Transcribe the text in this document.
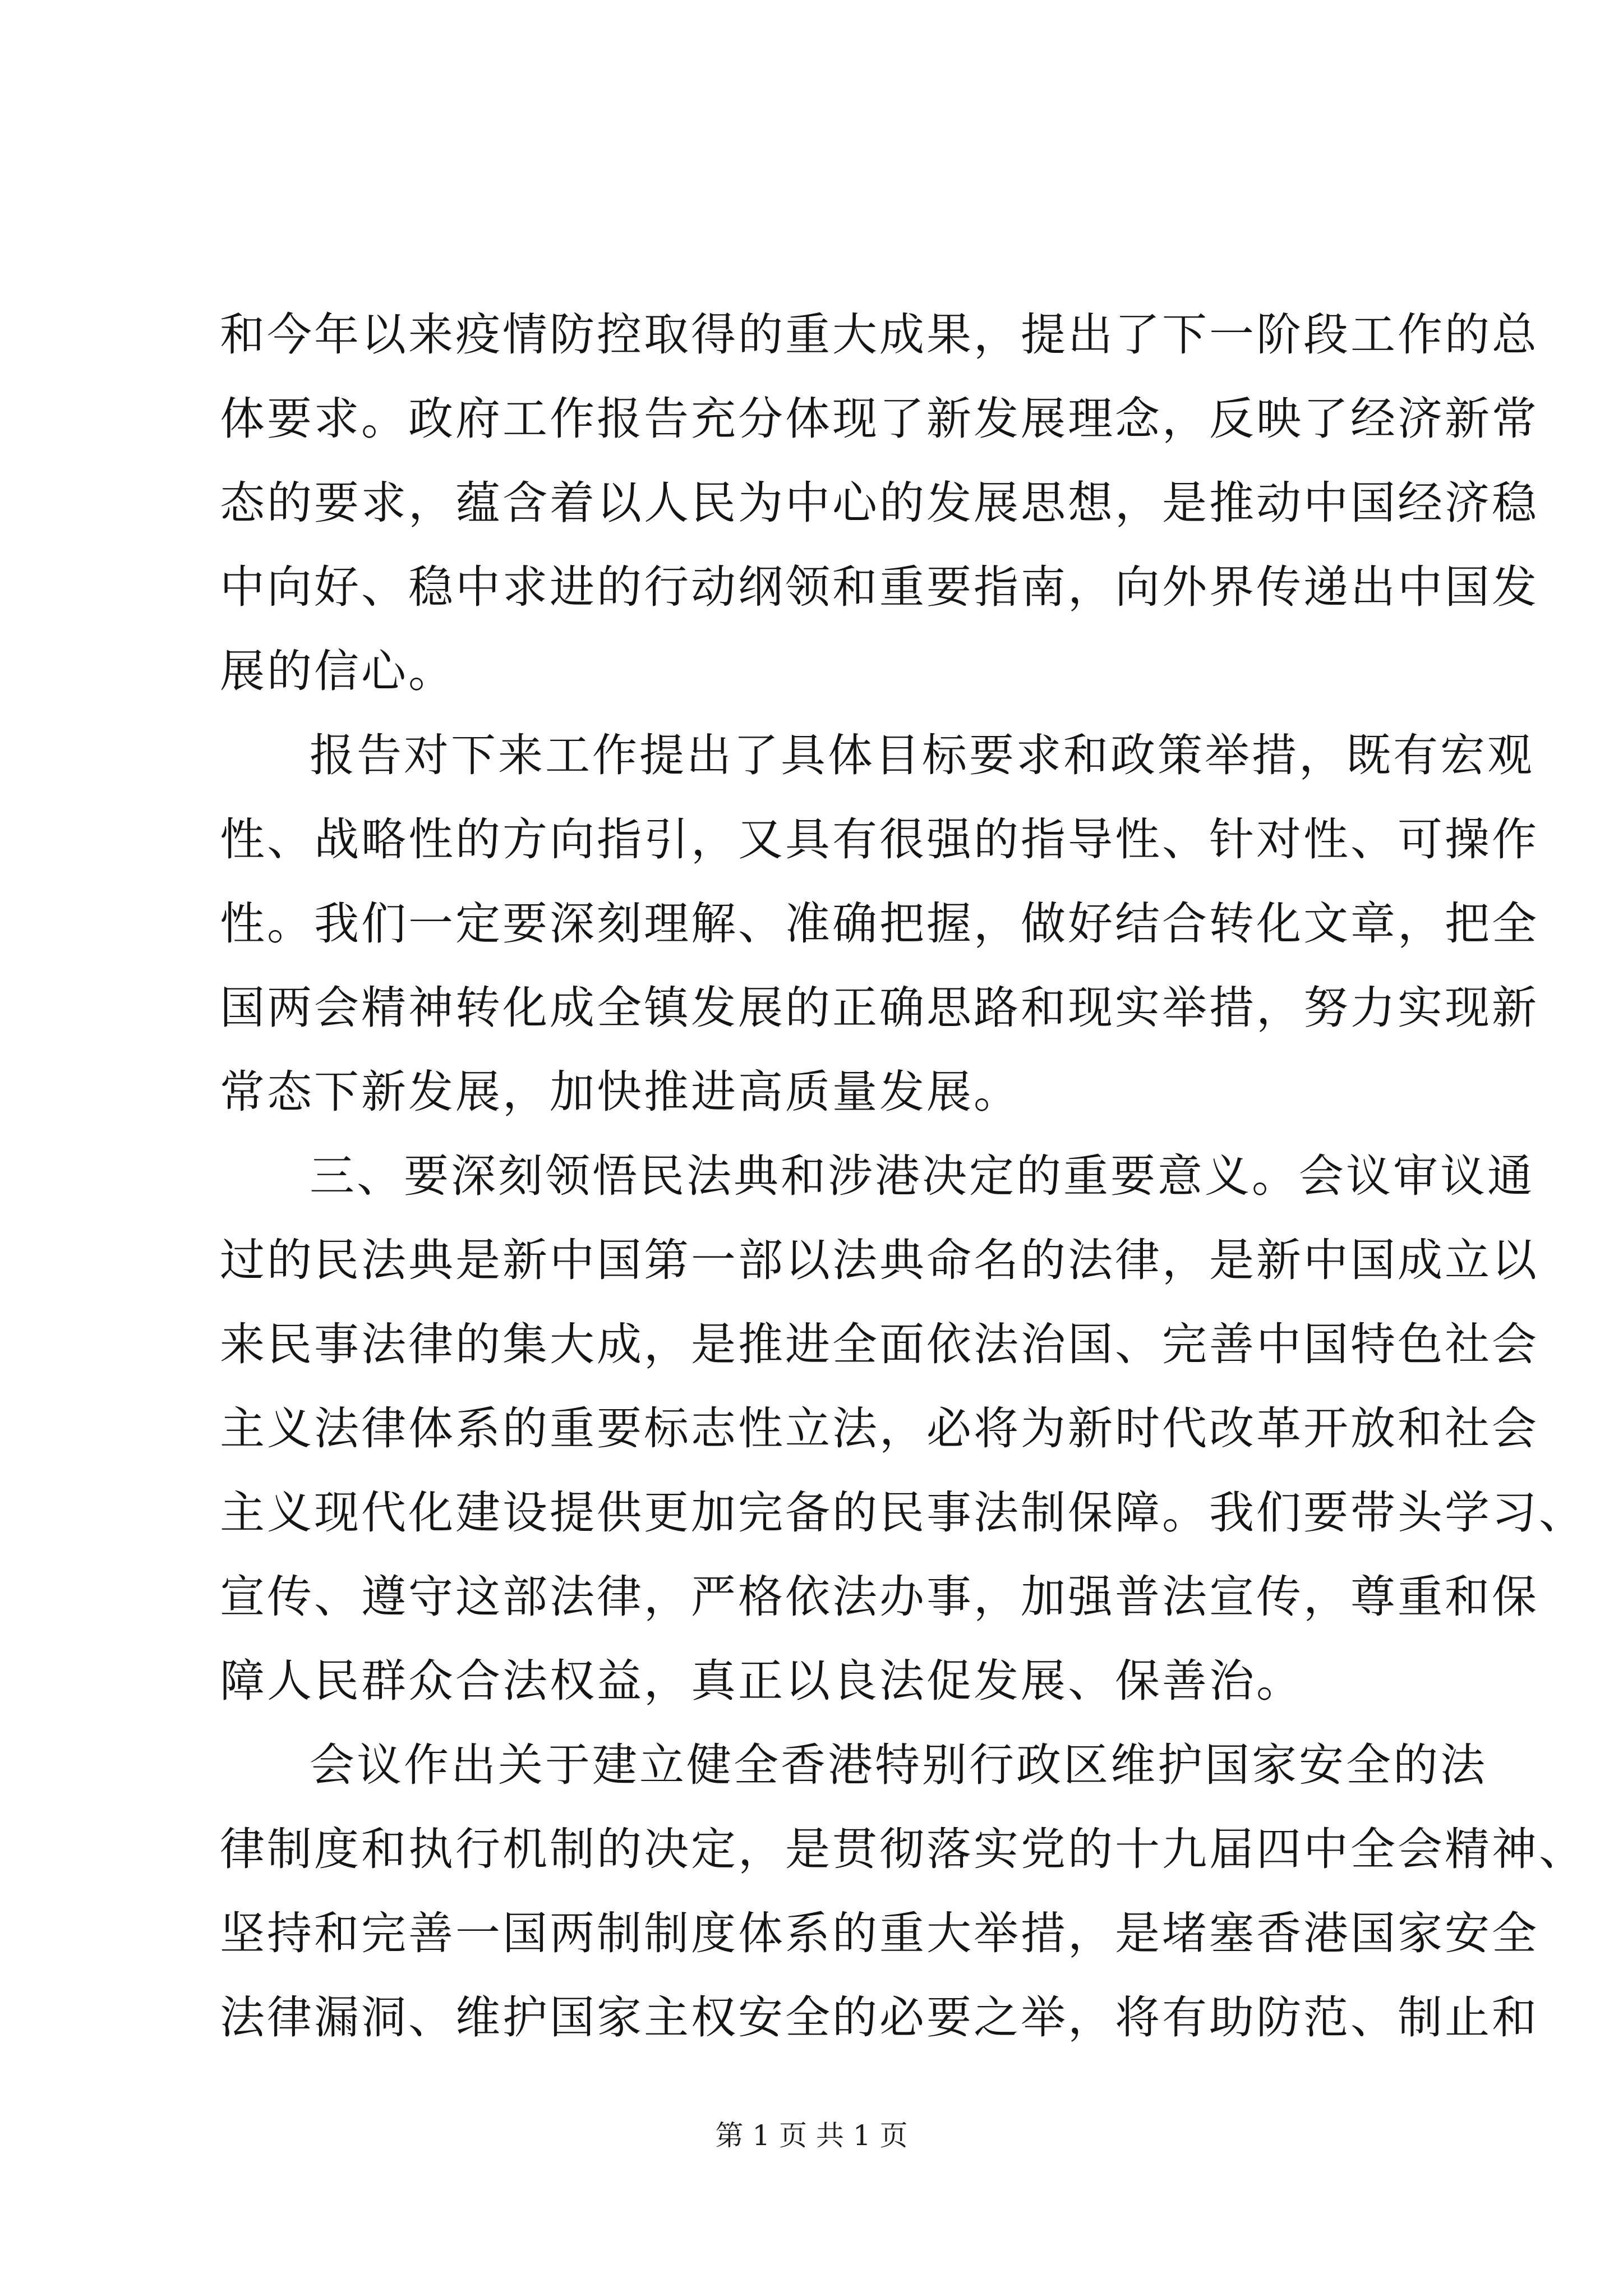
和今年以来疫情防控取得的重大成果，提出了下一阶段工作的总
体要求。政府工作报告充分体现了新发展理念，反映了经济新常
态的要求，蕴含着以人民为中心的发展思想，是推动中国经济稳
中向好、稳中求进的行动纲领和重要指南，向外界传递出中国发
展的信心。
报告对下来工作提出了具体目标要求和政策举措，既有宏观
性、战略性的方向指引，又具有很强的指导性、针对性、可操作
性。我们一定要深刻理解、准确把握，做好结合转化文章，把全
国两会精神转化成全镇发展的正确思路和现实举措，努力实现新
常态下新发展，加快推进高质量发展。
三、要深刻领悟民法典和涉港决定的重要意义。会议审议通
过的民法典是新中国第一部以法典命名的法律，是新中国成立以
来民事法律的集大成，是推进全面依法治国、完善中国特色社会
主义法律体系的重要标志性立法，必将为新时代改革开放和社会
主义现代化建设提供更加完备的民事法制保障。我们要带头学习、
宣传、遵守这部法律，严格依法办事，加强普法宣传，尊重和保
障人民群众合法权益，真正以良法促发展、保善治。
会议作出关于建立健全香港特别行政区维护国家安全的法
律制度和执行机制的决定，是贯彻落实党的十九届四中全会精神、
坚持和完善一国两制制度体系的重大举措，是堵塞香港国家安全
法律漏洞、维护国家主权安全的必要之举，将有助防范、制止和
第 1 页 共 1 页
